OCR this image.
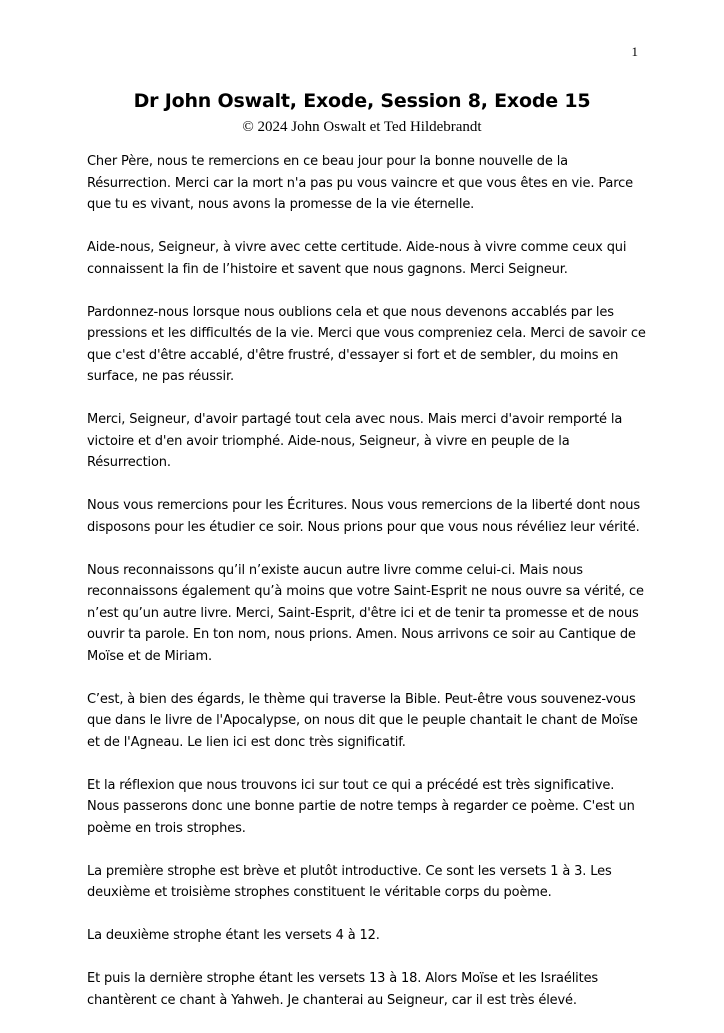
1
Dr John Oswalt, Exode, Session 8, Exode 15
© 2024 John Oswalt et Ted Hildebrandt

Cher Père, nous te remercions en ce beau jour pour la bonne nouvelle de la Résurrection. Merci car la mort n'a pas pu vous vaincre et que vous êtes en vie. Parce que tu es vivant, nous avons la promesse de la vie éternelle.

Aide-nous, Seigneur, à vivre avec cette certitude. Aide-nous à vivre comme ceux qui connaissent la fin de l’histoire et savent que nous gagnons. Merci Seigneur.

Pardonnez-nous lorsque nous oublions cela et que nous devenons accablés par les pressions et les difficultés de la vie. Merci que vous compreniez cela. Merci de savoir ce que c'est d'être accablé, d'être frustré, d'essayer si fort et de sembler, du moins en surface, ne pas réussir.

Merci, Seigneur, d'avoir partagé tout cela avec nous. Mais merci d'avoir remporté la victoire et d'en avoir triomphé. Aide-nous, Seigneur, à vivre en peuple de la Résurrection.

Nous vous remercions pour les Écritures. Nous vous remercions de la liberté dont nous disposons pour les étudier ce soir. Nous prions pour que vous nous révéliez leur vérité.

Nous reconnaissons qu’il n’existe aucun autre livre comme celui-ci. Mais nous reconnaissons également qu’à moins que votre Saint-Esprit ne nous ouvre sa vérité, ce n’est qu’un autre livre. Merci, Saint-Esprit, d'être ici et de tenir ta promesse et de nous ouvrir ta parole. En ton nom, nous prions. Amen. Nous arrivons ce soir au Cantique de Moïse et de Miriam.

C’est, à bien des égards, le thème qui traverse la Bible. Peut-être vous souvenez-vous que dans le livre de l'Apocalypse, on nous dit que le peuple chantait le chant de Moïse et de l'Agneau. Le lien ici est donc très significatif.

Et la réflexion que nous trouvons ici sur tout ce qui a précédé est très significative. Nous passerons donc une bonne partie de notre temps à regarder ce poème. C'est un poème en trois strophes.

La première strophe est brève et plutôt introductive. Ce sont les versets 1 à 3. Les deuxième et troisième strophes constituent le véritable corps du poème.

La deuxième strophe étant les versets 4 à 12.

Et puis la dernière strophe étant les versets 13 à 18. Alors Moïse et les Israélites chantèrent ce chant à Yahweh. Je chanterai au Seigneur, car il est très élevé.
